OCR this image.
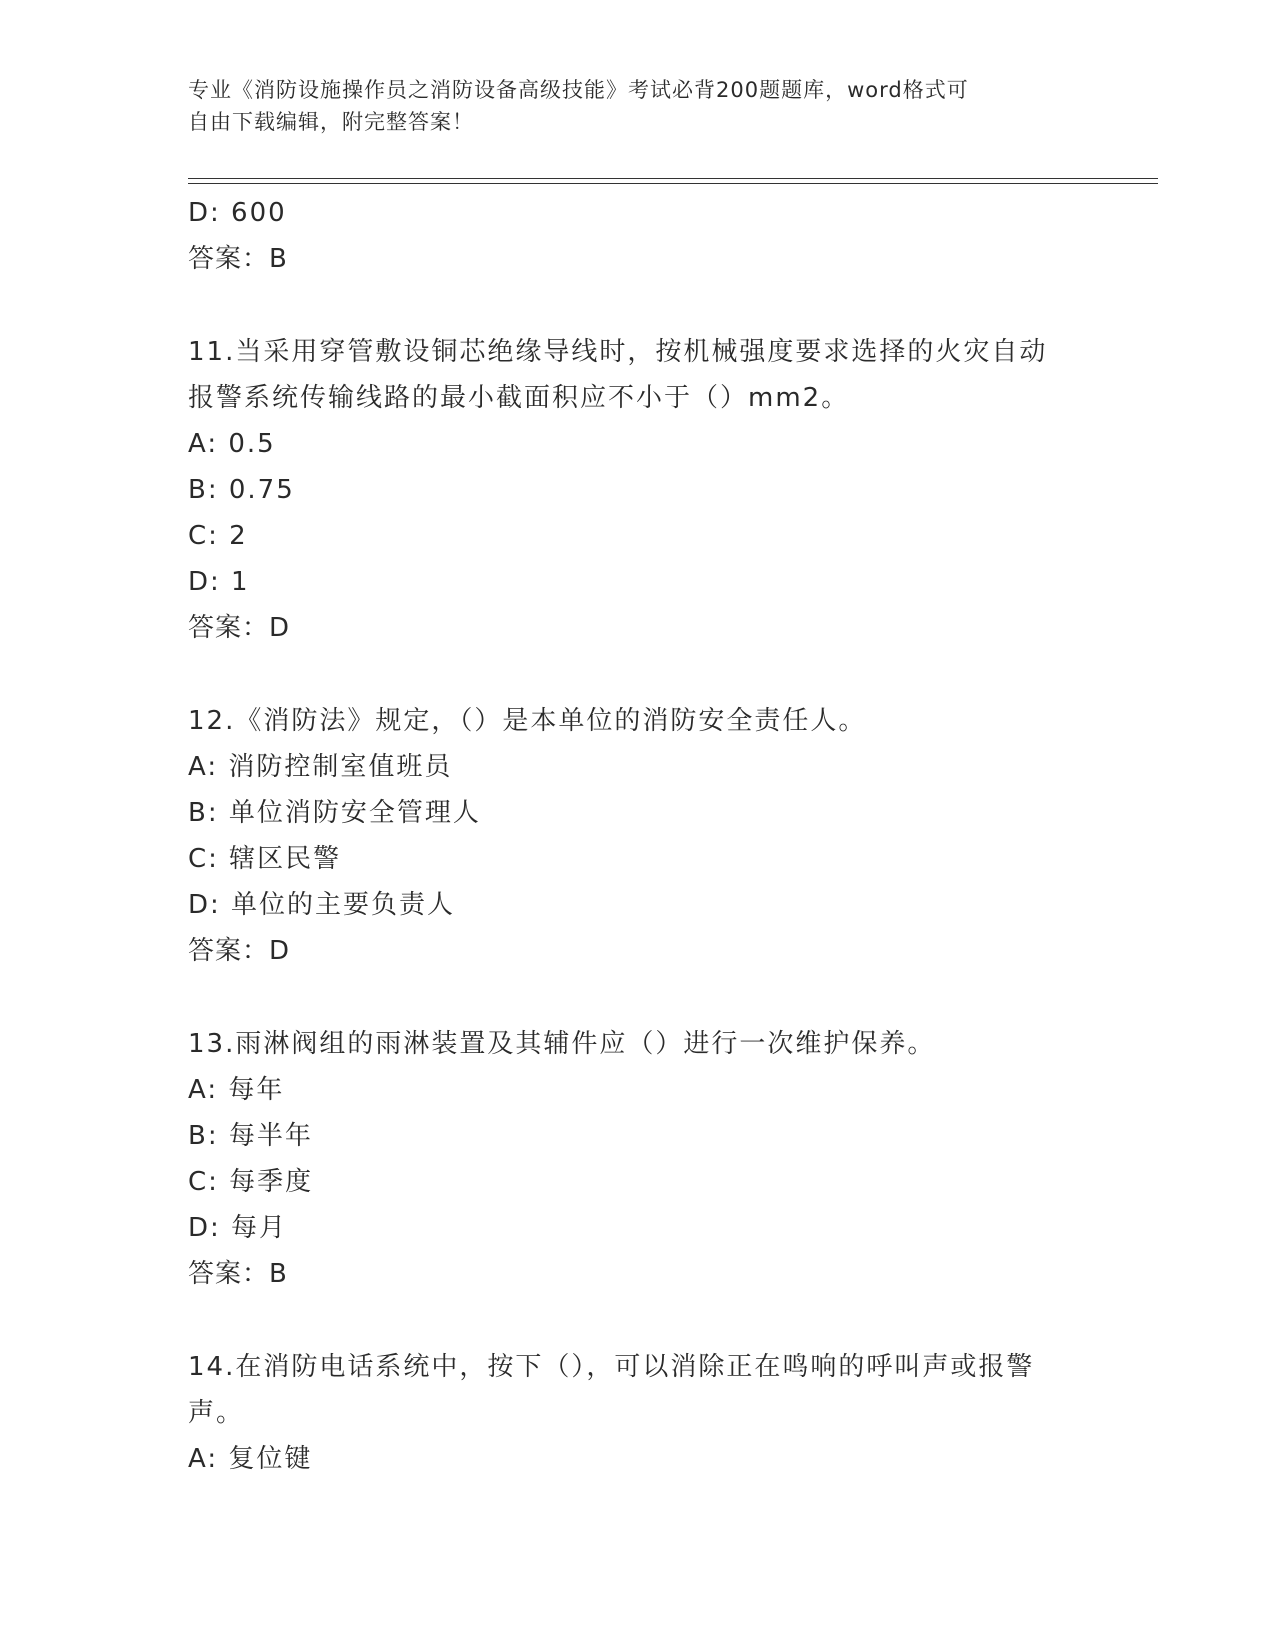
专业《消防设施操作员之消防设备高级技能》考试必背200题题库，word格式可
自由下载编辑，附完整答案！
D: 600
答案：B
11.当采用穿管敷设铜芯绝缘导线时，按机械强度要求选择的火灾自动
报警系统传输线路的最小截面积应不小于（）mm2。
A: 0.5
B: 0.75
C: 2
D: 1
答案：D
12.《消防法》规定，（）是本单位的消防安全责任人。
A: 消防控制室值班员
B: 单位消防安全管理人
C: 辖区民警
D: 单位的主要负责人
答案：D
13.雨淋阀组的雨淋装置及其辅件应（）进行一次维护保养。
A: 每年
B: 每半年
C: 每季度
D: 每月
答案：B
14.在消防电话系统中，按下（），可以消除正在鸣响的呼叫声或报警
声。
A: 复位键
